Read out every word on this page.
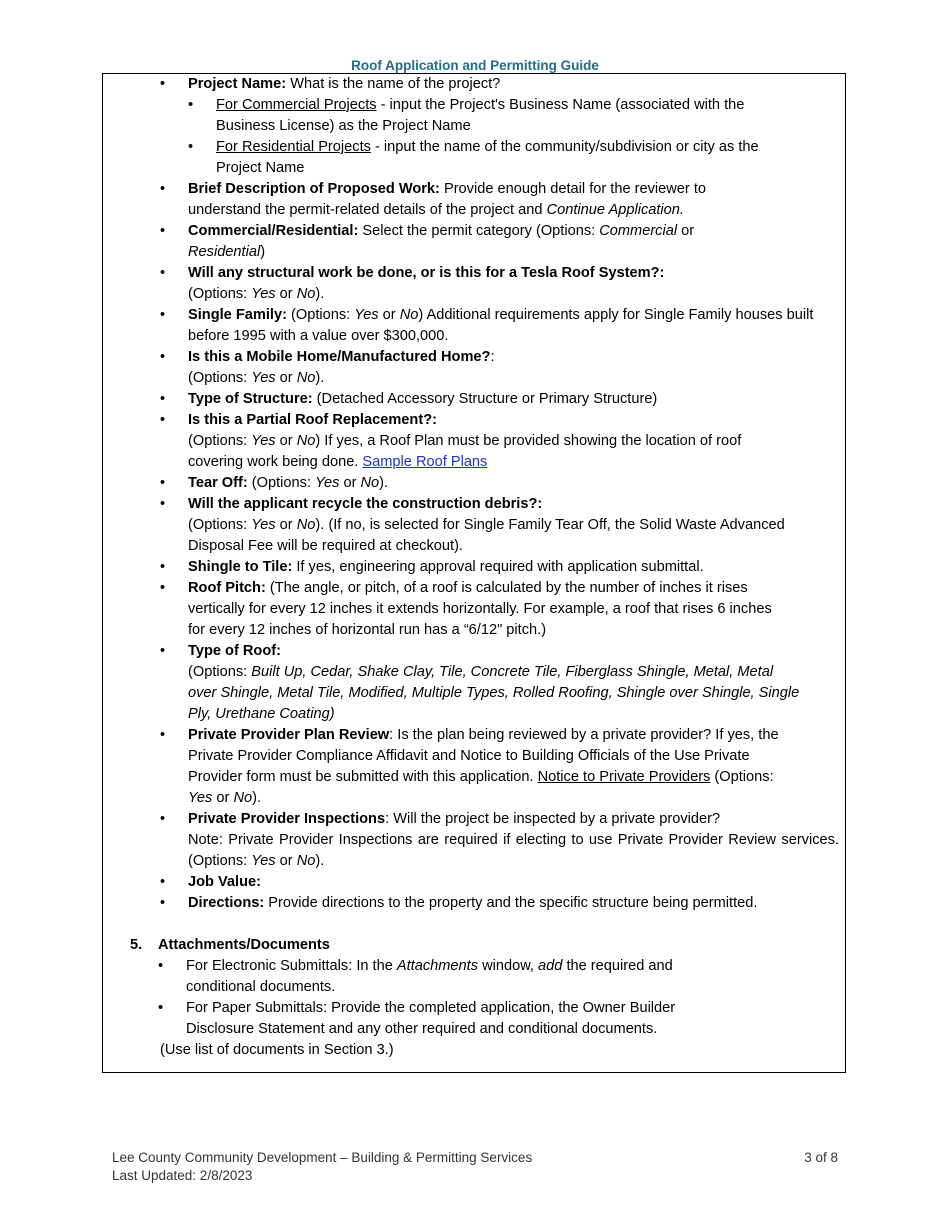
Roof Application and Permitting Guide
• Project Name: What is the name of the project?
• For Commercial Projects - input the Project's Business Name (associated with the Business License) as the Project Name
• For Residential Projects - input the name of the community/subdivision or city as the Project Name
• Brief Description of Proposed Work: Provide enough detail for the reviewer to understand the permit-related details of the project and Continue Application.
• Commercial/Residential: Select the permit category (Options: Commercial or Residential)
• Will any structural work be done, or is this for a Tesla Roof System?:
(Options: Yes or No).
• Single Family: (Options: Yes or No) Additional requirements apply for Single Family houses built before 1995 with a value over $300,000.
• Is this a Mobile Home/Manufactured Home?:
(Options: Yes or No).
• Type of Structure: (Detached Accessory Structure or Primary Structure)
• Is this a Partial Roof Replacement?:
(Options: Yes or No) If yes, a Roof Plan must be provided showing the location of roof covering work being done. Sample Roof Plans
• Tear Off: (Options: Yes or No).
• Will the applicant recycle the construction debris?:
(Options: Yes or No). (If no, is selected for Single Family Tear Off, the Solid Waste Advanced Disposal Fee will be required at checkout).
• Shingle to Tile: If yes, engineering approval required with application submittal.
• Roof Pitch: (The angle, or pitch, of a roof is calculated by the number of inches it rises vertically for every 12 inches it extends horizontally. For example, a roof that rises 6 inches for every 12 inches of horizontal run has a “6/12" pitch.)
• Type of Roof:
(Options: Built Up, Cedar, Shake Clay, Tile, Concrete Tile, Fiberglass Shingle, Metal, Metal over Shingle, Metal Tile, Modified, Multiple Types, Rolled Roofing, Shingle over Shingle, Single Ply, Urethane Coating)
• Private Provider Plan Review: Is the plan being reviewed by a private provider? If yes, the Private Provider Compliance Affidavit and Notice to Building Officials of the Use Private Provider form must be submitted with this application. Notice to Private Providers (Options: Yes or No).
• Private Provider Inspections: Will the project be inspected by a private provider?

Note: Private Provider Inspections are required if electing to use Private Provider Review services. (Options: Yes or No).
• Job Value:
• Directions: Provide directions to the property and the specific structure being permitted.
5. Attachments/Documents
• For Electronic Submittals: In the Attachments window, add the required and conditional documents.
• For Paper Submittals: Provide the completed application, the Owner Builder Disclosure Statement and any other required and conditional documents.
(Use list of documents in Section 3.)
Lee County Community Development – Building & Permitting Services
Last Updated: 2/8/2023
3 of 8
